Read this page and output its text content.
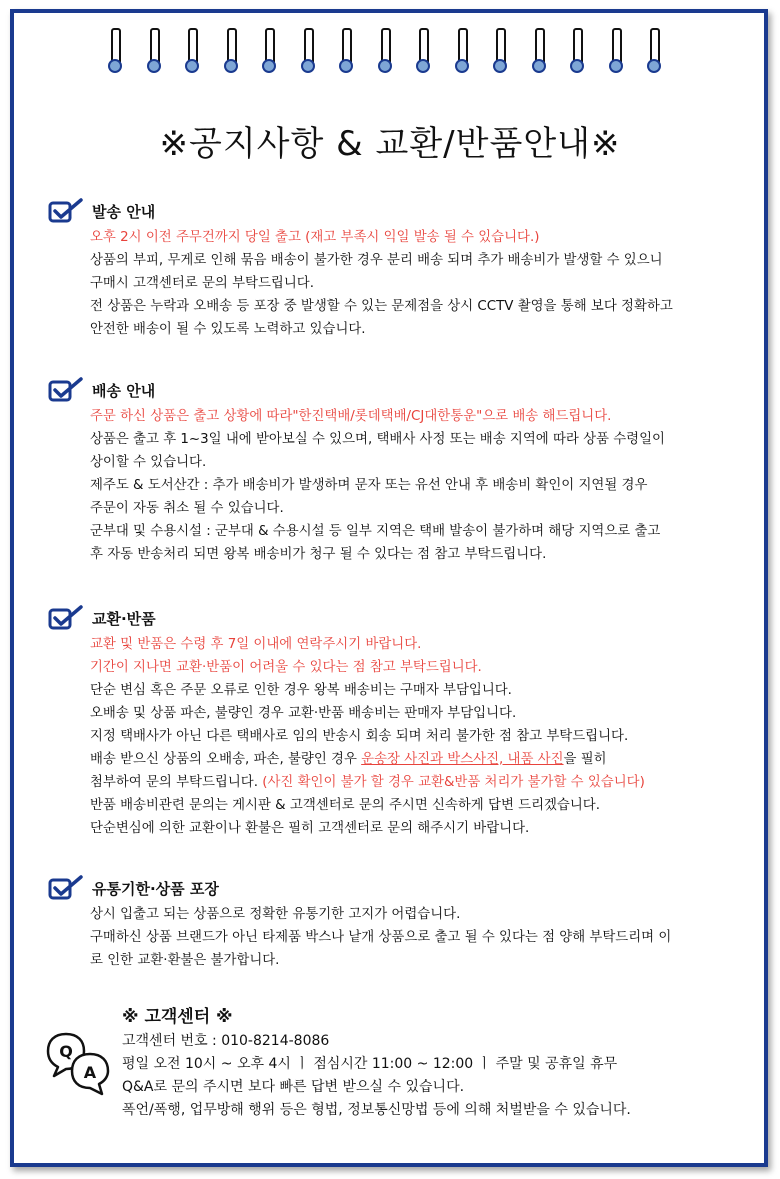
※공지사항 & 교환/반품안내※
발송 안내
오후 2시 이전 주무건까지 당일 출고 (재고 부족시 익일 발송 될 수 있습니다.)
상품의 부피, 무게로 인해 묶음 배송이 불가한 경우 분리 배송 되며 추가 배송비가 발생할 수 있으니
구매시 고객센터로 문의 부탁드립니다.
전 상품은 누락과 오배송 등 포장 중 발생할 수 있는 문제점을 상시 CCTV 촬영을 통해 보다 정확하고
안전한 배송이 될 수 있도록 노력하고 있습니다.
배송 안내
주문 하신 상품은 출고 상황에 따라"한진택배/롯데택배/CJ대한통운"으로 배송 해드립니다.
상품은 출고 후 1~3일 내에 받아보실 수 있으며, 택배사 사정 또는 배송 지역에 따라 상품 수령일이
상이할 수 있습니다.
제주도 & 도서산간 : 추가 배송비가 발생하며 문자 또는 유선 안내 후 배송비 확인이 지연될 경우
주문이 자동 취소 될 수 있습니다.
군부대 및 수용시설 : 군부대 & 수용시설 등 일부 지역은 택배 발송이 불가하며 해당 지역으로 출고
후 자동 반송처리 되면 왕복 배송비가 청구 될 수 있다는 점 참고 부탁드립니다.
교환·반품
교환 및 반품은 수령 후 7일 이내에 연락주시기 바랍니다.
기간이 지나면 교환·반품이 어려울 수 있다는 점 참고 부탁드립니다.
단순 변심 혹은 주문 오류로 인한 경우 왕복 배송비는 구매자 부담입니다.
오배송 및 상품 파손, 불량인 경우 교환·반품 배송비는 판매자 부담입니다.
지정 택배사가 아닌 다른 택배사로 임의 반송시 회송 되며 처리 불가한 점 참고 부탁드립니다.
배송 받으신 상품의 오배송, 파손, 불량인 경우 운송장 사진과 박스사진, 내품 사진을 필히
첨부하여 문의 부탁드립니다. (사진 확인이 불가 할 경우 교환&반품 처리가 불가할 수 있습니다)
반품 배송비관련 문의는 게시판 & 고객센터로 문의 주시면 신속하게 답변 드리겠습니다.
단순변심에 의한 교환이나 환불은 필히 고객센터로 문의 해주시기 바랍니다.
유통기한·상품 포장
상시 입출고 되는 상품으로 정확한 유통기한 고지가 어렵습니다.
구매하신 상품 브랜드가 아닌 타제품 박스나 낱개 상품으로 출고 될 수 있다는 점 양해 부탁드리며 이
로 인한 교환·환불은 불가합니다.
Q
A
※ 고객센터 ※
고객센터 번호 : 010-8214-8086
평일 오전 10시 ~ 오후 4시 ㅣ 점심시간 11:00 ~ 12:00 ㅣ 주말 및 공휴일 휴무
Q&A로 문의 주시면 보다 빠른 답변 받으실 수 있습니다.
폭언/폭행, 업무방해 행위 등은 형법, 정보통신망법 등에 의해 처벌받을 수 있습니다.
